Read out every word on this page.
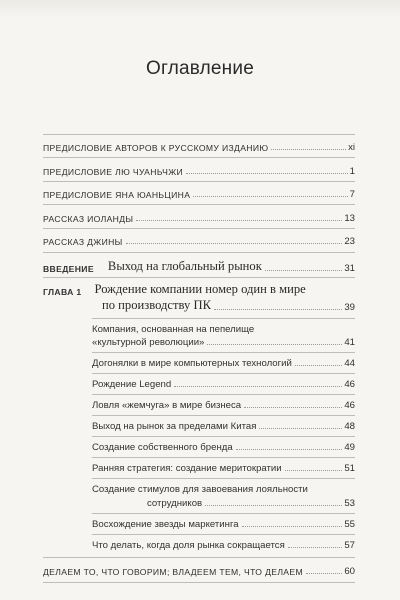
Оглавление
ПРЕДИСЛОВИЕ АВТОРОВ К РУССКОМУ ИЗДАНИЮ	xi
ПРЕДИСЛОВИЕ ЛЮ ЧУАНЬЧЖИ	1
ПРЕДИСЛОВИЕ ЯНА ЮАНЬЦИНА	7
РАССКАЗ ИОЛАНДЫ	13
РАССКАЗ ДЖИНЫ	23
ВВЕДЕНИЕ Выход на глобальный рынок	31
ГЛАВА 1 Рождение компании номер один в мире
по производству ПК	39
Компания, основанная на пепелище
«культурной революции»	41
Догонялки в мире компьютерных технологий	44
Рождение Legend	46
Ловля «жемчуга» в мире бизнеса	46
Выход на рынок за пределами Китая	48
Создание собственного бренда	49
Ранняя стратегия: создание меритократии	51
Создание стимулов для завоевания лояльности
сотрудников	53
Восхождение звезды маркетинга	55
Что делать, когда доля рынка сокращается	57
ДЕЛАЕМ ТО, ЧТО ГОВОРИМ; ВЛАДЕЕМ ТЕМ, ЧТО ДЕЛАЕМ	60
